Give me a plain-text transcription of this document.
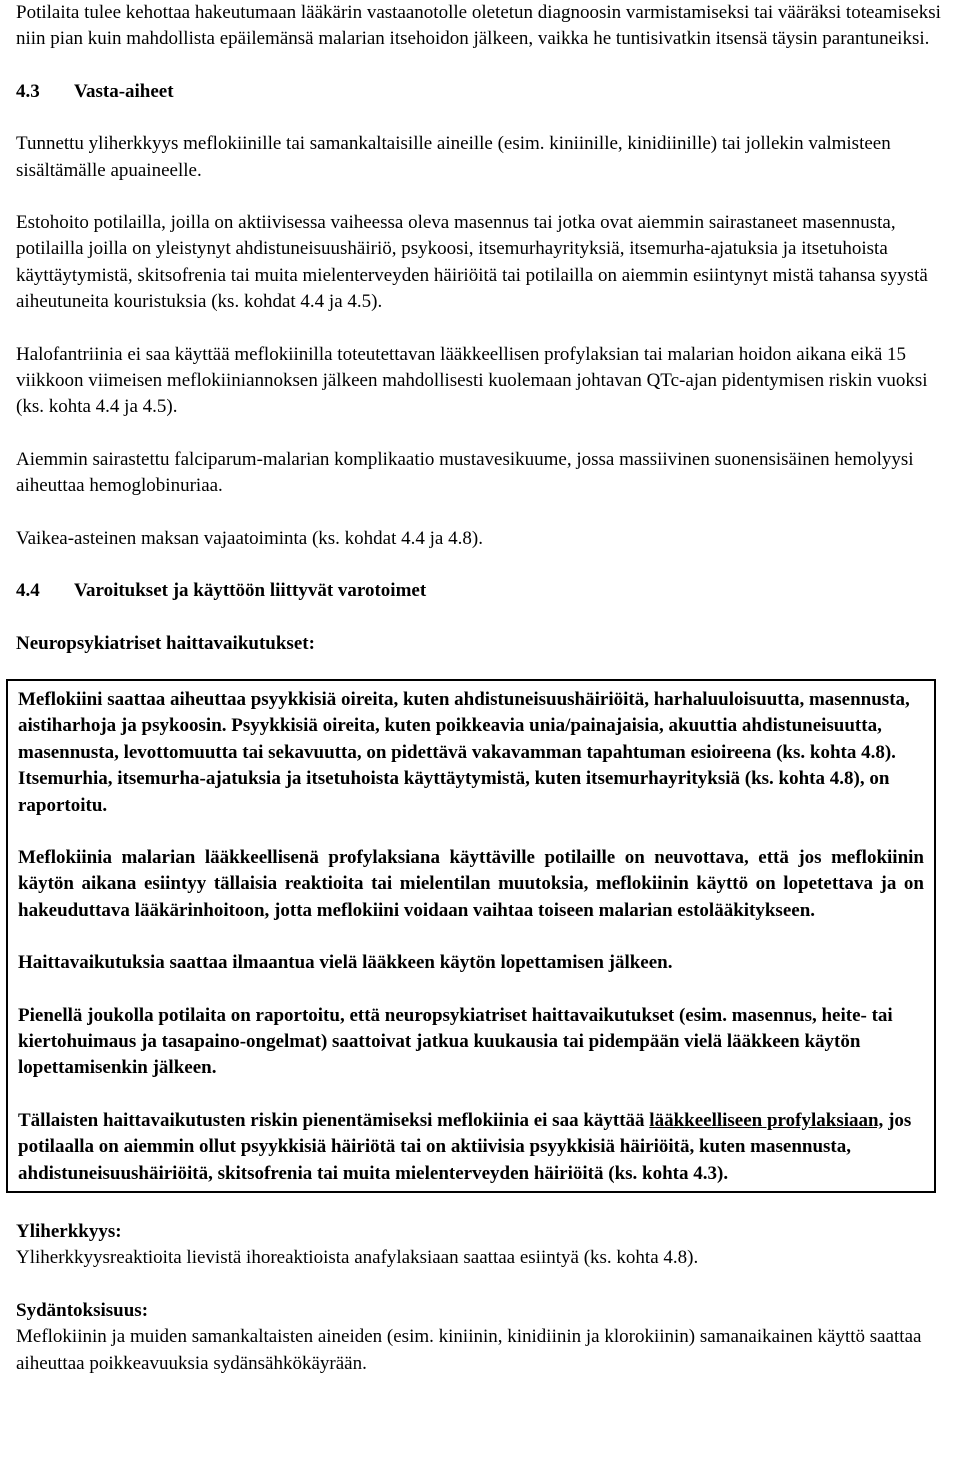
Potilaita tulee kehottaa hakeutumaan lääkärin vastaanotolle oletetun diagnoosin varmistamiseksi tai vääräksi toteamiseksi niin pian kuin mahdollista epäilemänsä malarian itsehoidon jälkeen, vaikka he tuntisivatkin itsensä täysin parantuneiksi.

4.3	Vasta-aiheet

Tunnettu yliherkkyys meflokiinille tai samankaltaisille aineille (esim. kiniinille, kinidiinille) tai jollekin valmisteen sisältämälle apuaineelle.

Estohoito potilailla, joilla on aktiivisessa vaiheessa oleva masennus tai jotka ovat aiemmin sairastaneet masennusta, potilailla joilla on yleistynyt ahdistuneisuushäiriö, psykoosi, itsemurhayrityksiä, itsemurha-ajatuksia ja itsetuhoista käyttäytymistä, skitsofrenia tai muita mielenterveyden häiriöitä tai potilailla on aiemmin esiintynyt mistä tahansa syystä aiheutuneita kouristuksia (ks. kohdat 4.4 ja 4.5).

Halofantriinia ei saa käyttää meflokiinilla toteutettavan lääkkeellisen profylaksian tai malarian hoidon aikana eikä 15 viikkoon viimeisen meflokiiniannoksen jälkeen mahdollisesti kuolemaan johtavan QTc-ajan pidentymisen riskin vuoksi (ks. kohta 4.4 ja 4.5).

Aiemmin sairastettu falciparum-malarian komplikaatio mustavesikuume, jossa massiivinen suonensisäinen hemolyysi aiheuttaa hemoglobinuriaa.

Vaikea-asteinen maksan vajaatoiminta (ks. kohdat 4.4 ja 4.8).

4.4	Varoitukset ja käyttöön liittyvät varotoimet

Neuropsykiatriset haittavaikutukset:

Meflokiini saattaa aiheuttaa psyykkisiä oireita, kuten ahdistuneisuushäiriöitä, harhaluuloisuutta, masennusta, aistiharhoja ja psykoosin. Psyykkisiä oireita, kuten poikkeavia unia/painajaisia, akuuttia ahdistuneisuutta, masennusta, levottomuutta tai sekavuutta, on pidettävä vakavamman tapahtuman esioireena (ks. kohta 4.8). Itsemurhia, itsemurha-ajatuksia ja itsetuhoista käyttäytymistä, kuten itsemurhayrityksiä (ks. kohta 4.8), on raportoitu.

Meflokiinia malarian lääkkeellisenä profylaksiana käyttäville potilaille on neuvottava, että jos meflokiinin käytön aikana esiintyy tällaisia reaktioita tai mielentilan muutoksia, meflokiinin käyttö on lopetettava ja on hakeuduttava lääkärinhoitoon, jotta meflokiini voidaan vaihtaa toiseen malarian estolääkitykseen.

Haittavaikutuksia saattaa ilmaantua vielä lääkkeen käytön lopettamisen jälkeen.

Pienellä joukolla potilaita on raportoitu, että neuropsykiatriset haittavaikutukset (esim. masennus, heite- tai kiertohuimaus ja tasapaino-ongelmat) saattoivat jatkua kuukausia tai pidempään vielä lääkkeen käytön lopettamisenkin jälkeen.

Tällaisten haittavaikutusten riskin pienentämiseksi meflokiinia ei saa käyttää lääkkeelliseen profylaksiaan, jos potilaalla on aiemmin ollut psyykkisiä häiriötä tai on aktiivisia psyykkisiä häiriöitä, kuten masennusta, ahdistuneisuushäiriöitä, skitsofrenia tai muita mielenterveyden häiriöitä (ks. kohta 4.3).

Yliherkkyys:

Yliherkkyysreaktioita lievistä ihoreaktioista anafylaksiaan saattaa esiintyä (ks. kohta 4.8).

Sydäntoksisuus:

Meflokiinin ja muiden samankaltaisten aineiden (esim. kiniinin, kinidiinin ja klorokiinin) samanaikainen käyttö saattaa aiheuttaa poikkeavuuksia sydänsähkökäyrään.
